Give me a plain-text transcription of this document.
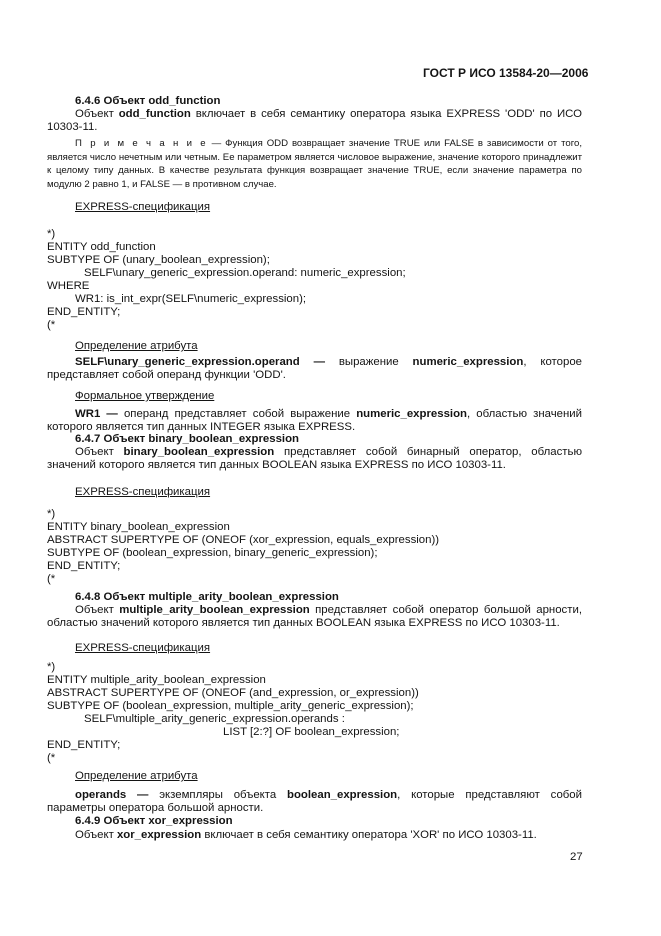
ГОСТ Р ИСО 13584-20—2006
6.4.6 Объект odd_function
Объект odd_function включает в себя семантику оператора языка EXPRESS 'ODD' по ИСО 10303-11.
П р и м е ч а н и е — Функция ODD возвращает значение TRUE или FALSE в зависимости от того, является число нечетным или четным. Ее параметром является числовое выражение, значение которого принадлежит к целому типу данных. В качестве результата функция возвращает значение TRUE, если значение параметра по модулю 2 равно 1, и FALSE — в противном случае.
EXPRESS-спецификация
*)
ENTITY odd_function
SUBTYPE OF (unary_boolean_expression);
SELF\unary_generic_expression.operand: numeric_expression;
WHERE
WR1: is_int_expr(SELF\numeric_expression);
END_ENTITY;
(*
Определение атрибута
SELF\unary_generic_expression.operand — выражение numeric_expression, которое представляет собой операнд функции 'ODD'.
Формальное утверждение
WR1 — операнд представляет собой выражение numeric_expression, областью значений которого является тип данных INTEGER языка EXPRESS.
6.4.7 Объект binary_boolean_expression
Объект binary_boolean_expression представляет собой бинарный оператор, областью значений которого является тип данных BOOLEAN языка EXPRESS по ИСО 10303-11.
EXPRESS-спецификация
*)
ENTITY binary_boolean_expression
ABSTRACT SUPERTYPE OF (ONEOF (xor_expression, equals_expression))
SUBTYPE OF (boolean_expression, binary_generic_expression);
END_ENTITY;
(*
6.4.8 Объект multiple_arity_boolean_expression
Объект multiple_arity_boolean_expression представляет собой оператор большой арности, областью значений которого является тип данных BOOLEAN языка EXPRESS по ИСО 10303-11.
EXPRESS-спецификация
*)
ENTITY multiple_arity_boolean_expression
ABSTRACT SUPERTYPE OF (ONEOF (and_expression, or_expression))
SUBTYPE OF (boolean_expression, multiple_arity_generic_expression);
SELF\multiple_arity_generic_expression.operands :
LIST [2:?] OF boolean_expression;
END_ENTITY;
(*
Определение атрибута
operands — экземпляры объекта boolean_expression, которые представляют собой параметры оператора большой арности.
6.4.9 Объект xor_expression
Объект xor_expression включает в себя семантику оператора 'XOR' по ИСО 10303-11.
27
